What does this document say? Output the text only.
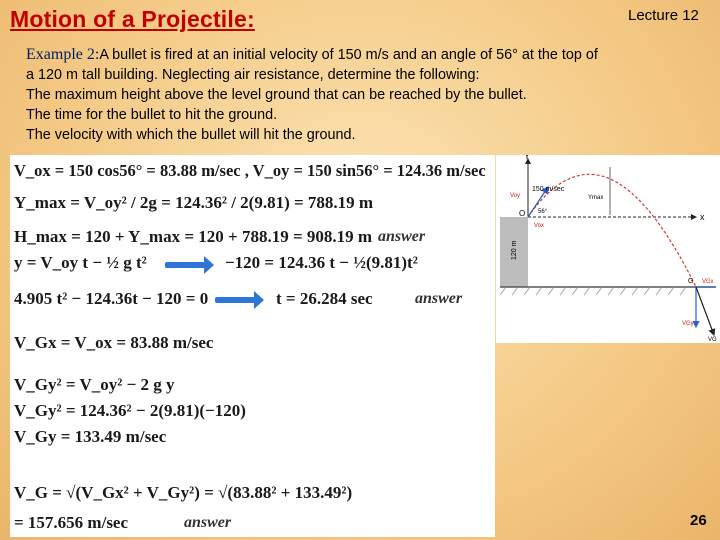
Motion of a Projectile:	Lecture 12
Example 2:A bullet is fired at an initial velocity of 150 m/s and an angle of 56° at the top of
a 120 m tall building. Neglecting air resistance, determine the following:
The maximum height above the level ground that can be reached by the bullet.
The time for the bullet to hit the ground.
The velocity with which the bullet will hit the ground.
V_ox = 150 cos56° = 83.88 m/sec , V_oy = 150 sin56° = 124.36 m/sec
Y_max = V_oy² / 2g = 124.36² / 2(9.81) = 788.19 m
H_max = 120 + Y_max = 120 + 788.19 = 908.19 m answer
y = V_oy t − ½ g t²	−120 = 124.36 t − ½(9.81)t²
4.905 t² − 124.36t − 120 = 0	t = 26.284 sec	answer
V_Gx = V_ox = 83.88 m/sec
V_Gy² = V_oy² − 2 g y
V_Gy² = 124.36² − 2(9.81)(−120)
V_Gy = 133.49 m/sec
V_G = √(V_Gx² + V_Gy²) = √(83.88² + 133.49²)
= 157.656 m/sec	answer
Y
x
O
150 m/sec
56°
Voy
Vox
Ymax
120 m
G VGx
VGy
VG
26
